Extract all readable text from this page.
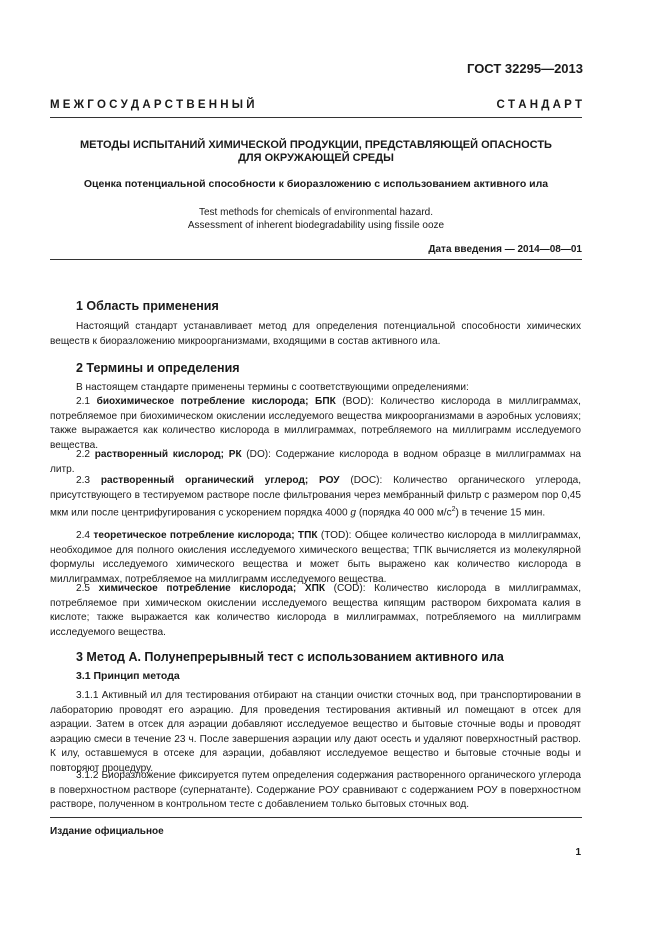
ГОСТ 32295—2013
М Е Ж Г О С У Д А Р С Т В Е Н Н Ы Й	С Т А Н Д А Р Т
МЕТОДЫ ИСПЫТАНИЙ ХИМИЧЕСКОЙ ПРОДУКЦИИ, ПРЕДСТАВЛЯЮЩЕЙ ОПАСНОСТЬ
ДЛЯ ОКРУЖАЮЩЕЙ СРЕДЫ
Оценка потенциальной способности к биоразложению с использованием активного ила
Test methods for chemicals of environmental hazard.
Assessment of inherent biodegradability using fissile ooze
Дата введения — 2014—08—01
1 Область применения
Настоящий стандарт устанавливает метод для определения потенциальной способности химических веществ к биоразложению микроорганизмами, входящими в состав активного ила.
2 Термины и определения
В настоящем стандарте применены термины с соответствующими определениями:
2.1 биохимическое потребление кислорода; БПК (BOD): Количество кислорода в миллиграммах, потребляемое при биохимическом окислении исследуемого вещества микроорганизмами в аэробных условиях; также выражается как количество кислорода в миллиграммах, потребляемого на миллиграмм исследуемого вещества.
2.2 растворенный кислород; РК (DO): Содержание кислорода в водном образце в миллиграммах на литр.
2.3 растворенный органический углерод; РОУ (DOC): Количество органического углерода, присутствующего в тестируемом растворе после фильтрования через мембранный фильтр с размером пор 0,45 мкм или после центрифугирования с ускорением порядка 4000 g (порядка 40 000 $м/с^2$) в течение 15 мин.
2.4 теоретическое потребление кислорода; ТПК (TOD): Общее количество кислорода в миллиграммах, необходимое для полного окисления исследуемого химического вещества; ТПК вычисляется из молекулярной формулы исследуемого химического вещества и может быть выражено как количество кислорода в миллиграммах, потребляемое на миллиграмм исследуемого вещества.
2.5 химическое потребление кислорода; ХПК (COD): Количество кислорода в миллиграммах, потребляемое при химическом окислении исследуемого вещества кипящим раствором бихромата калия в кислоте; также выражается как количество кислорода в миллиграммах, потребляемого на миллиграмм исследуемого вещества.
3 Метод А. Полунепрерывный тест с использованием активного ила
3.1 Принцип метода
3.1.1 Активный ил для тестирования отбирают на станции очистки сточных вод, при транспортировании в лабораторию проводят его аэрацию. Для проведения тестирования активный ил помещают в отсек для аэрации. Затем в отсек для аэрации добавляют исследуемое вещество и бытовые сточные воды и проводят аэрацию смеси в течение 23 ч. После завершения аэрации илу дают осесть и удаляют поверхностный раствор. К илу, оставшемуся в отсеке для аэрации, добавляют исследуемое вещество и бытовые сточные воды и повторяют процедуру.
3.1.2 Биоразложение фиксируется путем определения содержания растворенного органического углерода в поверхностном растворе (супернатанте). Содержание РОУ сравнивают с содержанием РОУ в поверхностном растворе, полученном в контрольном тесте с добавлением только бытовых сточных вод.
Издание официальное
1
